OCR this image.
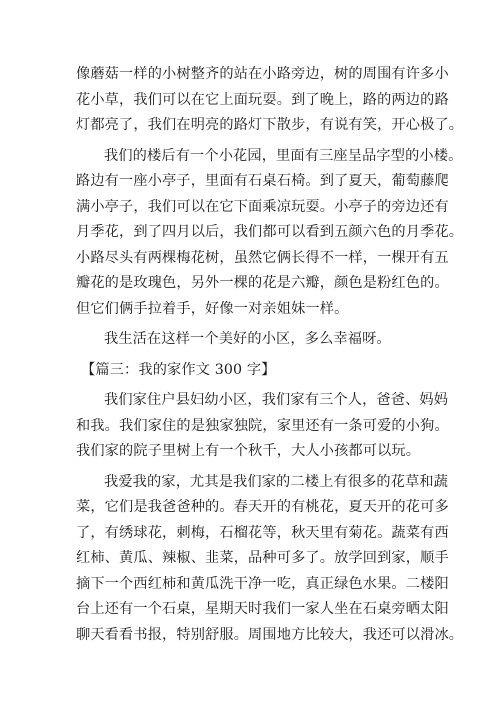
像蘑菇一样的小树整齐的站在小路旁边，树的周围有许多小
花小草，我们可以在它上面玩耍。到了晚上，路的两边的路
灯都亮了，我们在明亮的路灯下散步，有说有笑，开心极了。
我们的楼后有一个小花园，里面有三座呈品字型的小楼。
路边有一座小亭子，里面有石桌石椅。到了夏天，葡萄藤爬
满小亭子，我们可以在它下面乘凉玩耍。小亭子的旁边还有
月季花，到了四月以后，我们都可以看到五颜六色的月季花。
小路尽头有两棵梅花树，虽然它俩长得不一样，一棵开有五
瓣花的是玫瑰色，另外一棵的花是六瓣，颜色是粉红色的。
但它们俩手拉着手，好像一对亲姐妹一样。
我生活在这样一个美好的小区，多么幸福呀。
【篇三：我的家作文 300 字】
我们家住户县妇幼小区，我们家有三个人，爸爸、妈妈
和我。我们家住的是独家独院，家里还有一条可爱的小狗。
我们家的院子里树上有一个秋千，大人小孩都可以玩。
我爱我的家，尤其是我们家的二楼上有很多的花草和蔬
菜，它们是我爸爸种的。春天开的有桃花，夏天开的花可多
了，有绣球花，刺梅，石榴花等，秋天里有菊花。蔬菜有西
红柿、黄瓜、辣椒、韭菜，品种可多了。放学回到家，顺手
摘下一个西红柿和黄瓜洗干净一吃，真正绿色水果。二楼阳
台上还有一个石桌，星期天时我们一家人坐在石桌旁晒太阳
聊天看看书报，特别舒服。周围地方比较大，我还可以滑冰。
